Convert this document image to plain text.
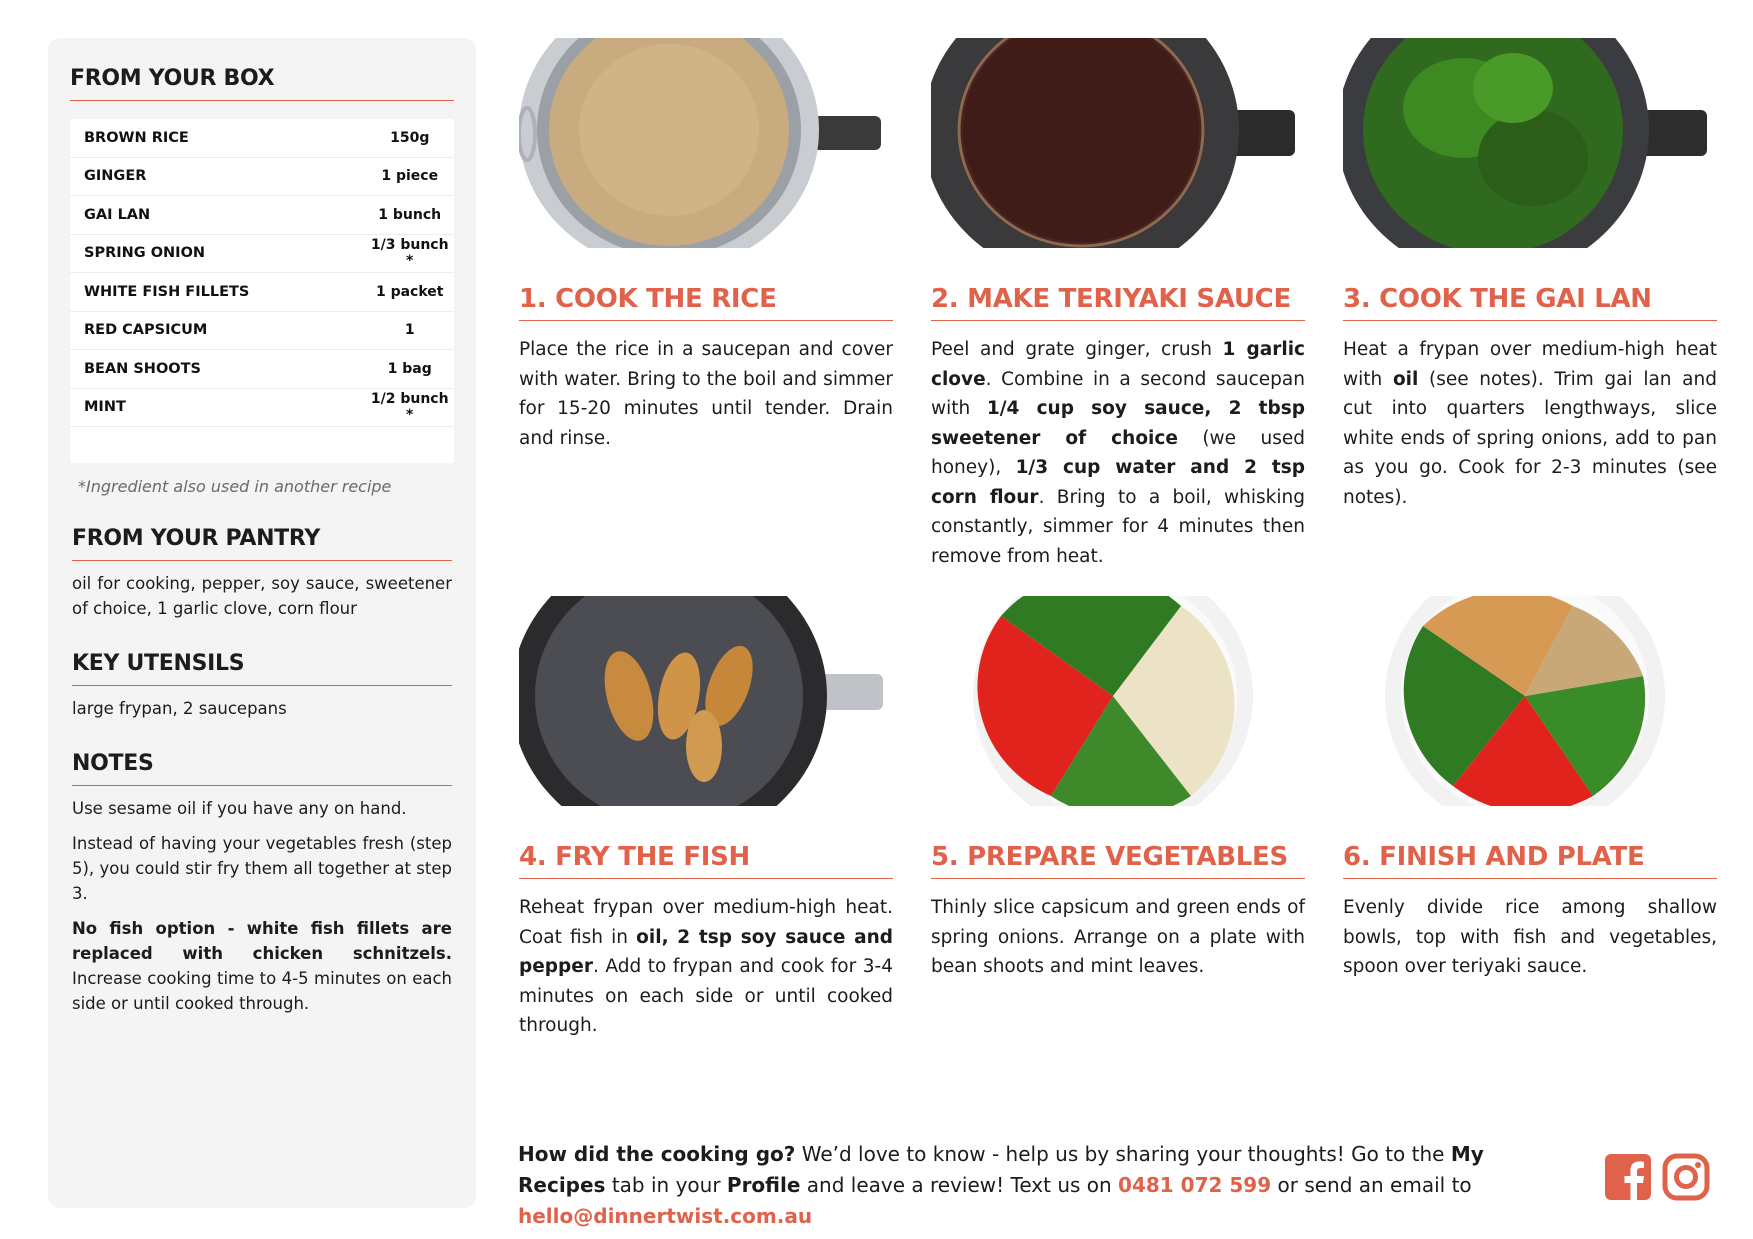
FROM YOUR BOX
BROWN RICE	150g
GINGER	1 piece
GAI LAN	1 bunch
SPRING ONION	1/3 bunch *
WHITE FISH FILLETS	1 packet
RED CAPSICUM	1
BEAN SHOOTS	1 bag
MINT	1/2 bunch *
*Ingredient also used in another recipe
FROM YOUR PANTRY
oil for cooking, pepper, soy sauce, sweetener of choice, 1 garlic clove, corn flour
KEY UTENSILS
large frypan, 2 saucepans
NOTES
Use sesame oil if you have any on hand.
Instead of having your vegetables fresh (step 5), you could stir fry them all together at step 3.
No fish option - white fish fillets are replaced with chicken schnitzels. Increase cooking time to 4-5 minutes on each side or until cooked through.
1. COOK THE RICE
Place the rice in a saucepan and cover with water. Bring to the boil and simmer for 15-20 minutes until tender. Drain and rinse.
2. MAKE TERIYAKI SAUCE
Peel and grate ginger, crush 1 garlic clove. Combine in a second saucepan with 1/4 cup soy sauce, 2 tbsp sweetener of choice (we used honey), 1/3 cup water and 2 tsp corn flour. Bring to a boil, whisking constantly, simmer for 4 minutes then remove from heat.
3. COOK THE GAI LAN
Heat a frypan over medium-high heat with oil (see notes). Trim gai lan and cut into quarters lengthways, slice white ends of spring onions, add to pan as you go. Cook for 2-3 minutes (see notes).
4. FRY THE FISH
Reheat frypan over medium-high heat. Coat fish in oil, 2 tsp soy sauce and pepper. Add to frypan and cook for 3-4 minutes on each side or until cooked through.
5. PREPARE VEGETABLES
Thinly slice capsicum and green ends of spring onions. Arrange on a plate with bean shoots and mint leaves.
6. FINISH AND PLATE
Evenly divide rice among shallow bowls, top with fish and vegetables, spoon over teriyaki sauce.
How did the cooking go? We’d love to know - help us by sharing your thoughts! Go to the My Recipes tab in your Profile and leave a review! Text us on 0481 072 599 or send an email to hello@dinnertwist.com.au
